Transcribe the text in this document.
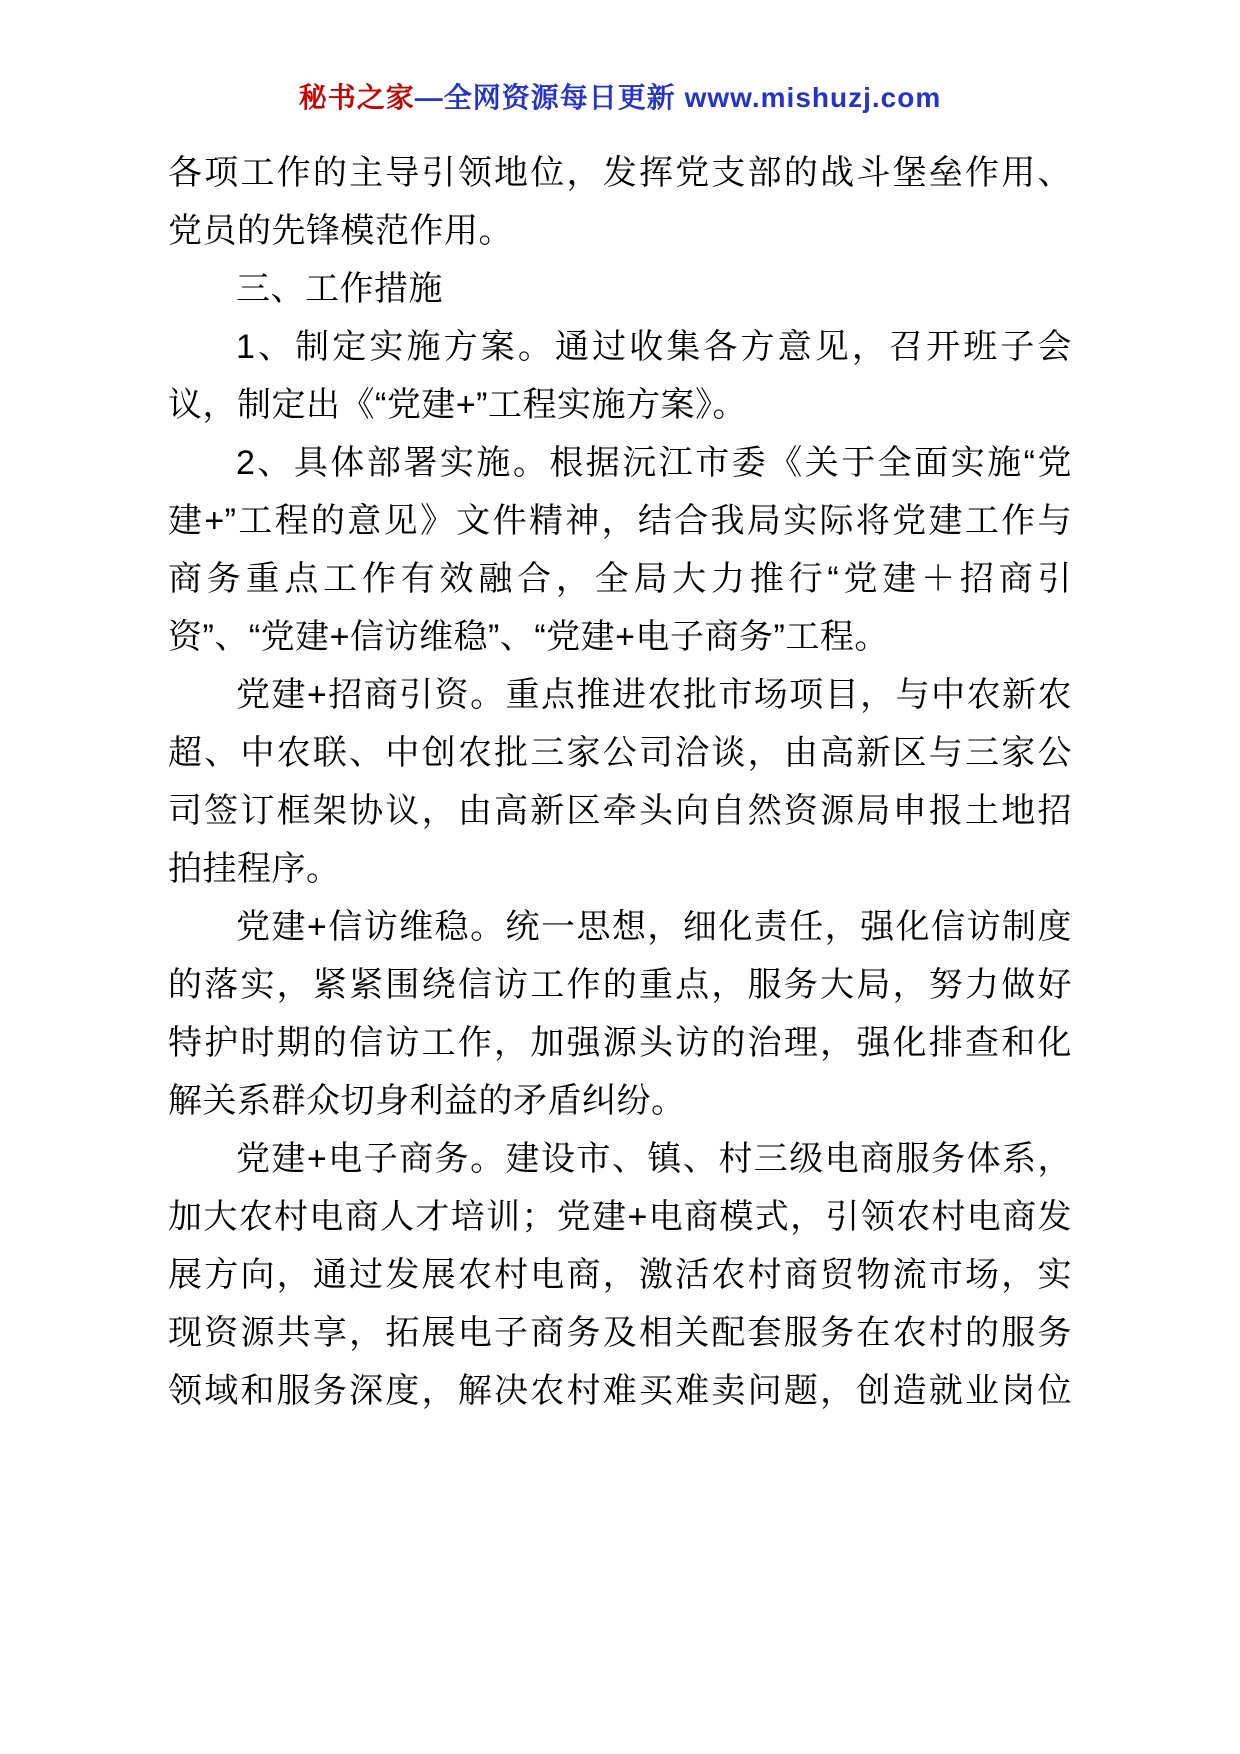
秘书之家—全网资源每日更新 www.mishuzj.com
各项工作的主导引领地位，发挥党支部的战斗堡垒作用、
党员的先锋模范作用。
三、工作措施
1、制定实施方案。通过收集各方意见，召开班子会
议，制定出《“党建+”工程实施方案》。
2、具体部署实施。根据沅江市委《关于全面实施“党
建+”工程的意见》文件精神，结合我局实际将党建工作与
商务重点工作有效融合，全局大力推行“党建＋招商引
资”、“党建+信访维稳”、“党建+电子商务”工程。
党建+招商引资。重点推进农批市场项目，与中农新农
超、中农联、中创农批三家公司洽谈，由高新区与三家公
司签订框架协议，由高新区牵头向自然资源局申报土地招
拍挂程序。
党建+信访维稳。统一思想，细化责任，强化信访制度
的落实，紧紧围绕信访工作的重点，服务大局，努力做好
特护时期的信访工作，加强源头访的治理，强化排查和化
解关系群众切身利益的矛盾纠纷。
党建+电子商务。建设市、镇、村三级电商服务体系，
加大农村电商人才培训；党建+电商模式，引领农村电商发
展方向，通过发展农村电商，激活农村商贸物流市场，实
现资源共享，拓展电子商务及相关配套服务在农村的服务
领域和服务深度，解决农村难买难卖问题，创造就业岗位
